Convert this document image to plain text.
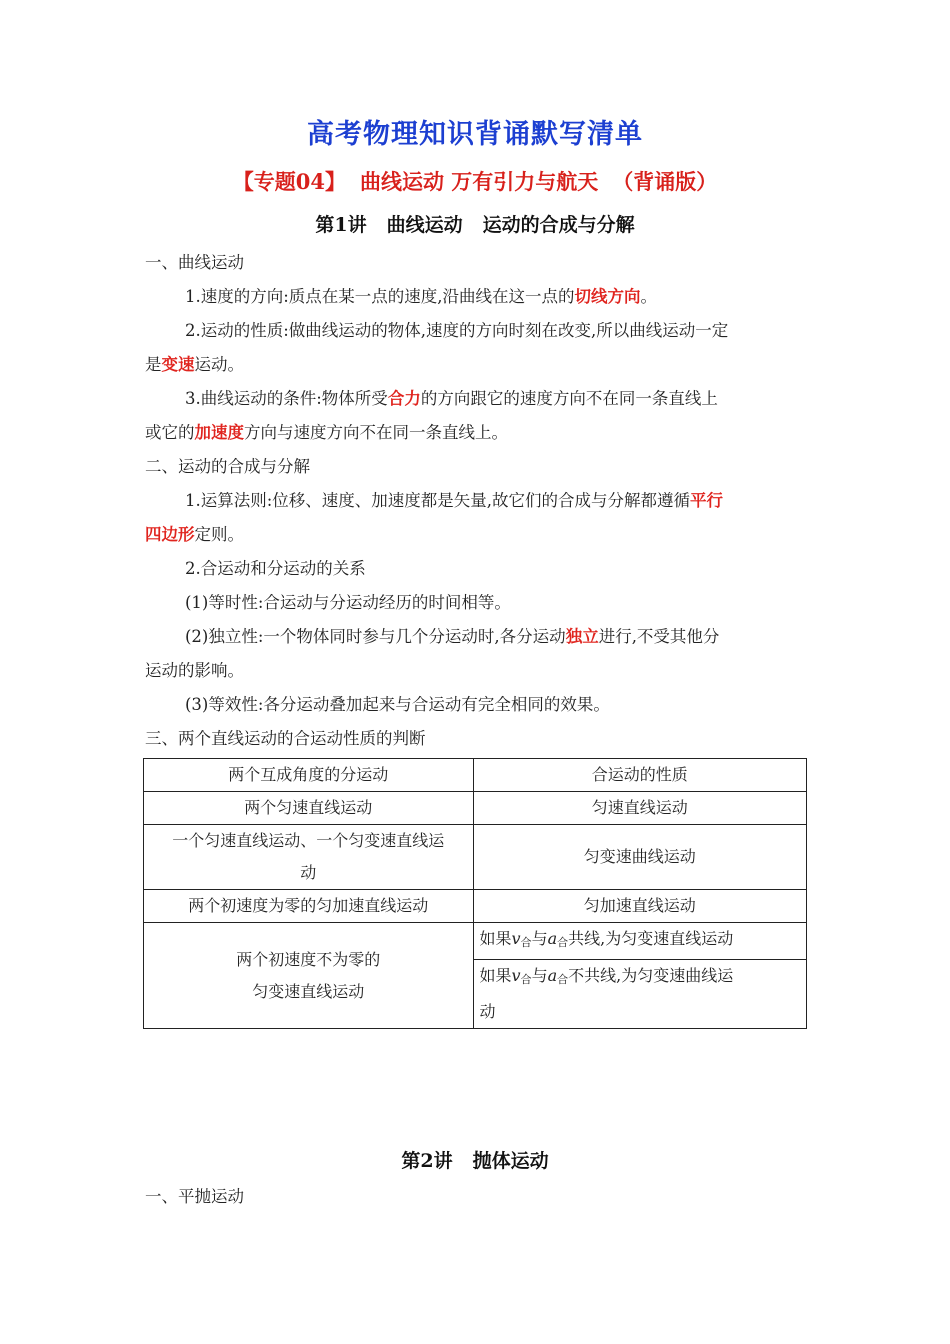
高考物理知识背诵默写清单
【专题04】 曲线运动 万有引力与航天 （背诵版）
第1讲 曲线运动 运动的合成与分解
一、曲线运动
1.速度的方向:质点在某一点的速度,沿曲线在这一点的切线方向。
2.运动的性质:做曲线运动的物体,速度的方向时刻在改变,所以曲线运动一定
是变速运动。
3.曲线运动的条件:物体所受合力的方向跟它的速度方向不在同一条直线上
或它的加速度方向与速度方向不在同一条直线上。
二、运动的合成与分解
1.运算法则:位移、速度、加速度都是矢量,故它们的合成与分解都遵循平行
四边形定则。
2.合运动和分运动的关系
(1)等时性:合运动与分运动经历的时间相等。
(2)独立性:一个物体同时参与几个分运动时,各分运动独立进行,不受其他分
运动的影响。
(3)等效性:各分运动叠加起来与合运动有完全相同的效果。
三、两个直线运动的合运动性质的判断
两个互成角度的分运动	合运动的性质
两个匀速直线运动	匀速直线运动
一个匀速直线运动、一个匀变速直线运
动	匀变速曲线运动
两个初速度为零的匀加速直线运动	匀加速直线运动
两个初速度不为零的
匀变速直线运动	如果v合与a合共线,为匀变速直线运动
	如果v合与a合不共线,为匀变速曲线运
动
第2讲 抛体运动
一、平抛运动
